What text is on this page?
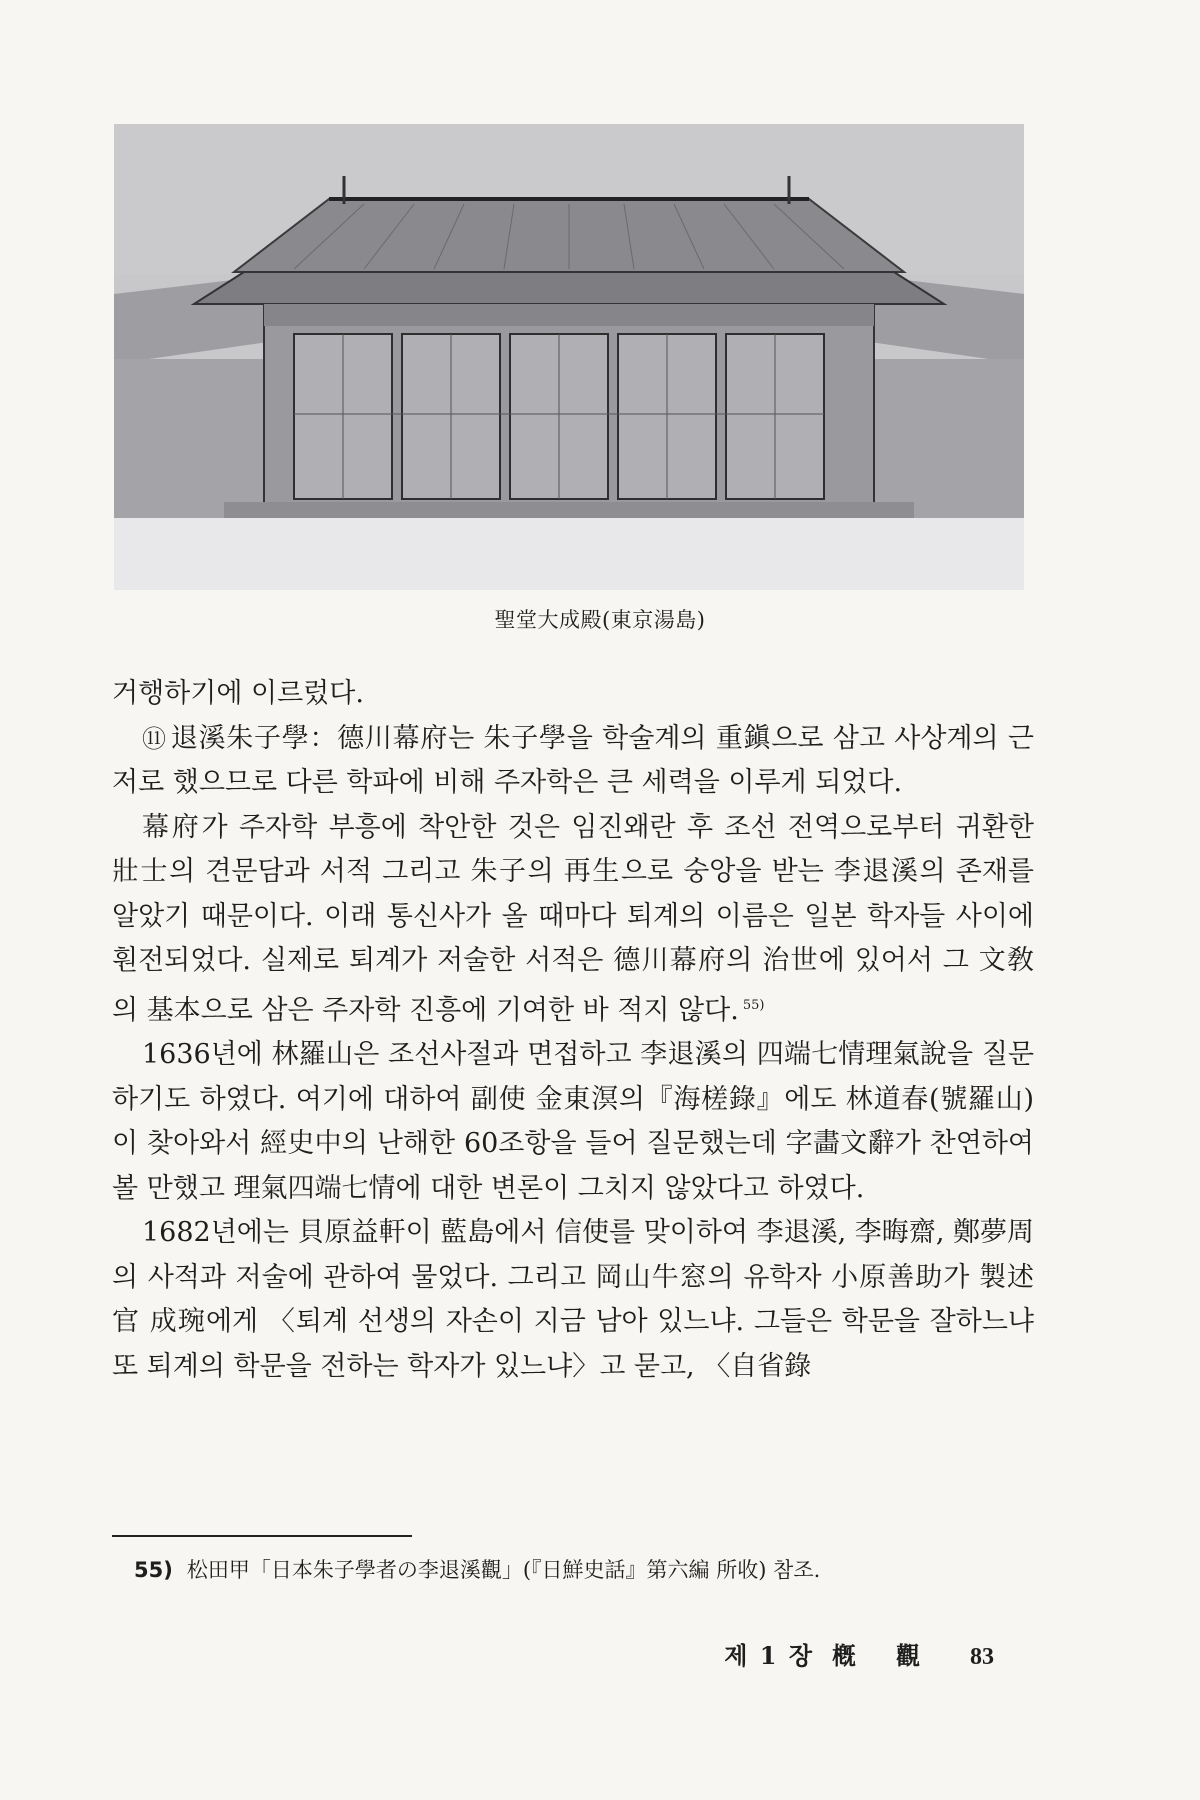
聖堂大成殿(東京湯島)

거행하기에 이르렀다.

⑪ 退溪朱子學：德川幕府는 朱子學을 학술계의 重鎭으로 삼고 사상계의 근저로 했으므로 다른 학파에 비해 주자학은 큰 세력을 이루게 되었다.

幕府가 주자학 부흥에 착안한 것은 임진왜란 후 조선 전역으로부터 귀환한 壯士의 견문담과 서적 그리고 朱子의 再生으로 숭앙을 받는 李退溪의 존재를 알았기 때문이다. 이래 통신사가 올 때마다 퇴계의 이름은 일본 학자들 사이에 훤전되었다. 실제로 퇴계가 저술한 서적은 德川幕府의 治世에 있어서 그 文敎의 基本으로 삼은 주자학 진흥에 기여한 바 적지 않다. $^{55)}$

1636년에 林羅山은 조선사절과 면접하고 李退溪의 四端七情理氣說을 질문하기도 하였다. 여기에 대하여 副使 金東溟의『海槎錄』에도 林道春(號羅山)이 찾아와서 經史中의 난해한 60조항을 들어 질문했는데 字畵文辭가 찬연하여 볼 만했고 理氣四端七情에 대한 변론이 그치지 않았다고 하였다.

1682년에는 貝原益軒이 藍島에서 信使를 맞이하여 李退溪, 李晦齋, 鄭夢周의 사적과 저술에 관하여 물었다. 그리고 岡山牛窓의 유학자 小原善助가 製述官 成琬에게 〈퇴계 선생의 자손이 지금 남아 있느냐. 그들은 학문을 잘하느냐 또 퇴계의 학문을 전하는 학자가 있느냐〉고 묻고, 〈自省錄

55) 松田甲「日本朱子學者の李退溪觀」(『日鮮史話』第六編 所收) 참조.
제 1 장 槪觀 83
